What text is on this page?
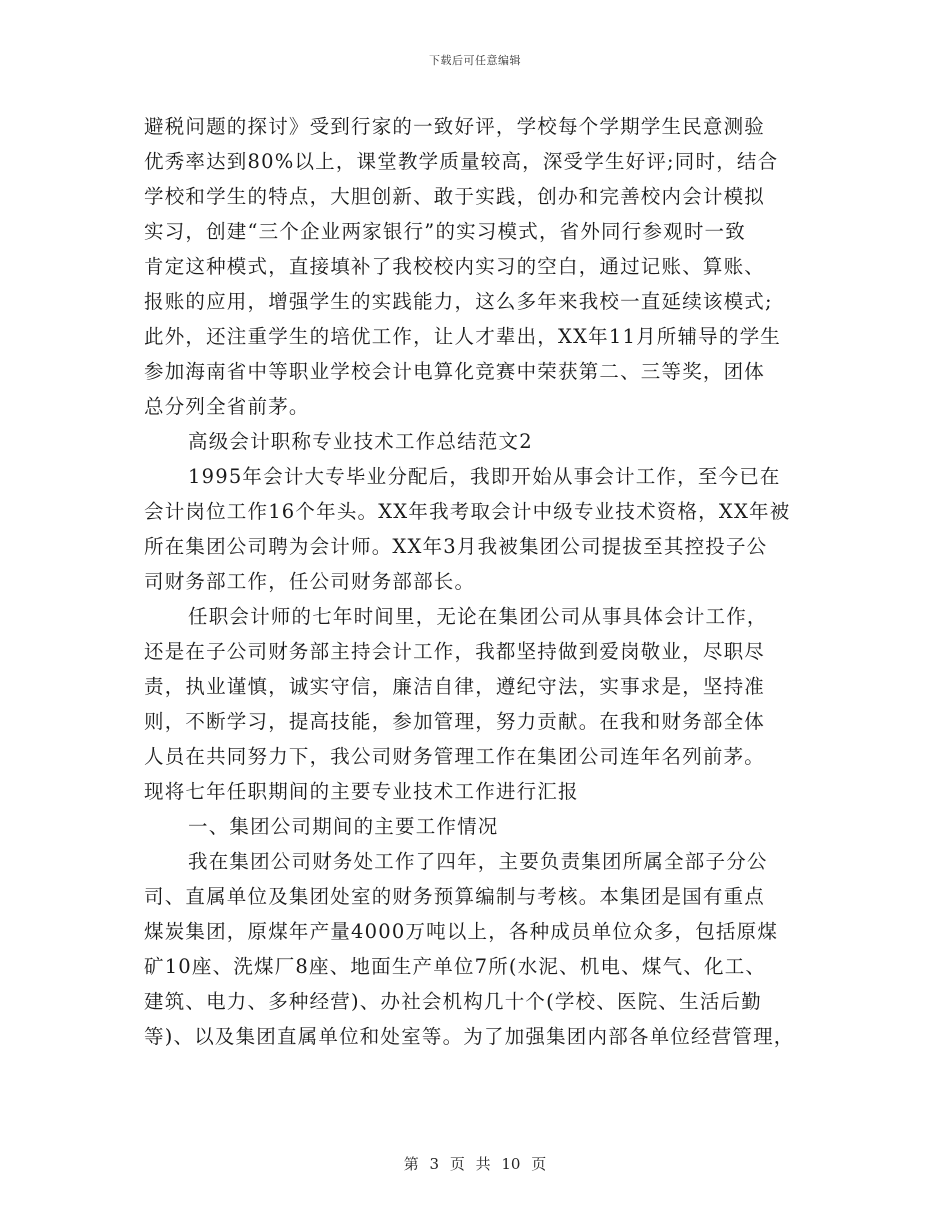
下载后可任意编辑
避税问题的探讨》受到行家的一致好评，学校每个学期学生民意测验
优秀率达到80%以上，课堂教学质量较高，深受学生好评;同时，结合
学校和学生的特点，大胆创新、敢于实践，创办和完善校内会计模拟
实习，创建“三个企业两家银行”的实习模式，省外同行参观时一致
肯定这种模式，直接填补了我校校内实习的空白，通过记账、算账、
报账的应用，增强学生的实践能力，这么多年来我校一直延续该模式;
此外，还注重学生的培优工作，让人才辈出，XX年11月所辅导的学生
参加海南省中等职业学校会计电算化竞赛中荣获第二、三等奖，团体
总分列全省前茅。
高级会计职称专业技术工作总结范文2
1995年会计大专毕业分配后，我即开始从事会计工作，至今已在
会计岗位工作16个年头。XX年我考取会计中级专业技术资格，XX年被
所在集团公司聘为会计师。XX年3月我被集团公司提拔至其控投子公
司财务部工作，任公司财务部部长。
任职会计师的七年时间里，无论在集团公司从事具体会计工作，
还是在子公司财务部主持会计工作，我都坚持做到爱岗敬业，尽职尽
责，执业谨慎，诚实守信，廉洁自律，遵纪守法，实事求是，坚持准
则，不断学习，提高技能，参加管理，努力贡献。在我和财务部全体
人员在共同努力下，我公司财务管理工作在集团公司连年名列前茅。
现将七年任职期间的主要专业技术工作进行汇报
一、集团公司期间的主要工作情况
我在集团公司财务处工作了四年，主要负责集团所属全部子分公
司、直属单位及集团处室的财务预算编制与考核。本集团是国有重点
煤炭集团，原煤年产量4000万吨以上，各种成员单位众多，包括原煤
矿10座、洗煤厂8座、地面生产单位7所(水泥、机电、煤气、化工、
建筑、电力、多种经营)、办社会机构几十个(学校、医院、生活后勤
等)、以及集团直属单位和处室等。为了加强集团内部各单位经营管理，
第 3 页 共 10 页
